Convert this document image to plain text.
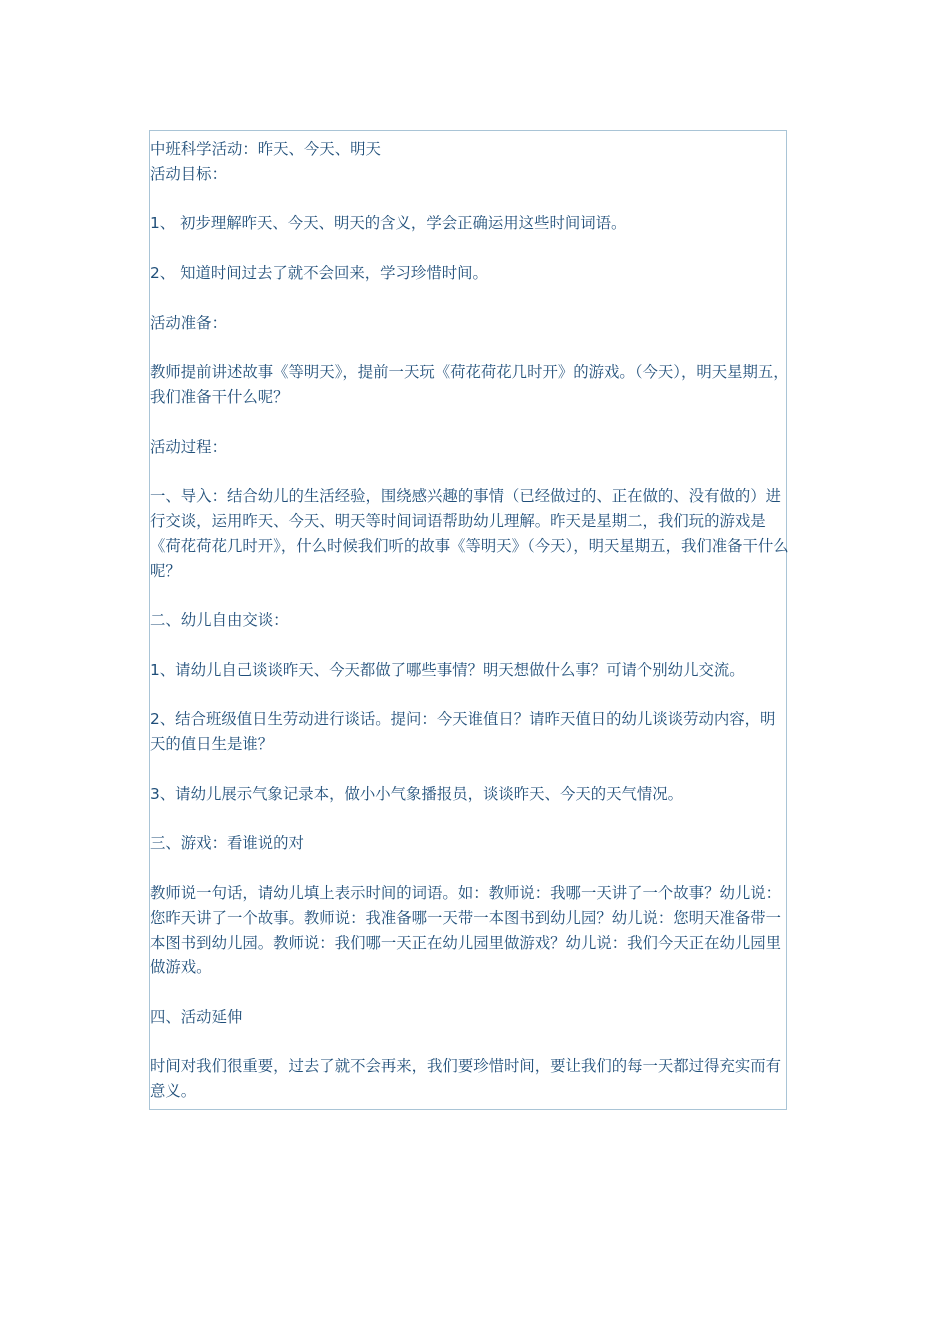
中班科学活动：昨天、今天、明天

活动目标：

1、 初步理解昨天、今天、明天的含义，学会正确运用这些时间词语。

2、 知道时间过去了就不会回来，学习珍惜时间。

活动准备：

教师提前讲述故事《等明天》，提前一天玩《荷花荷花几时开》的游戏。（今天），明天星期五，我们准备干什么呢？

活动过程：

一、导入：结合幼儿的生活经验，围绕感兴趣的事情（已经做过的、正在做的、没有做的）进行交谈，运用昨天、今天、明天等时间词语帮助幼儿理解。昨天是星期二，我们玩的游戏是《荷花荷花几时开》，什么时候我们听的故事《等明天》（今天），明天星期五，我们准备干什么呢？

二、幼儿自由交谈：

1、请幼儿自己谈谈昨天、今天都做了哪些事情？明天想做什么事？可请个别幼儿交流。

2、结合班级值日生劳动进行谈话。提问：今天谁值日？请昨天值日的幼儿谈谈劳动内容，明天的值日生是谁？

3、请幼儿展示气象记录本，做小小气象播报员，谈谈昨天、今天的天气情况。

三、游戏：看谁说的对

教师说一句话，请幼儿填上表示时间的词语。如：教师说：我哪一天讲了一个故事？幼儿说：您昨天讲了一个故事。教师说：我准备哪一天带一本图书到幼儿园？幼儿说：您明天准备带一本图书到幼儿园。教师说：我们哪一天正在幼儿园里做游戏？幼儿说：我们今天正在幼儿园里做游戏。

四、活动延伸

时间对我们很重要，过去了就不会再来，我们要珍惜时间，要让我们的每一天都过得充实而有意义。
